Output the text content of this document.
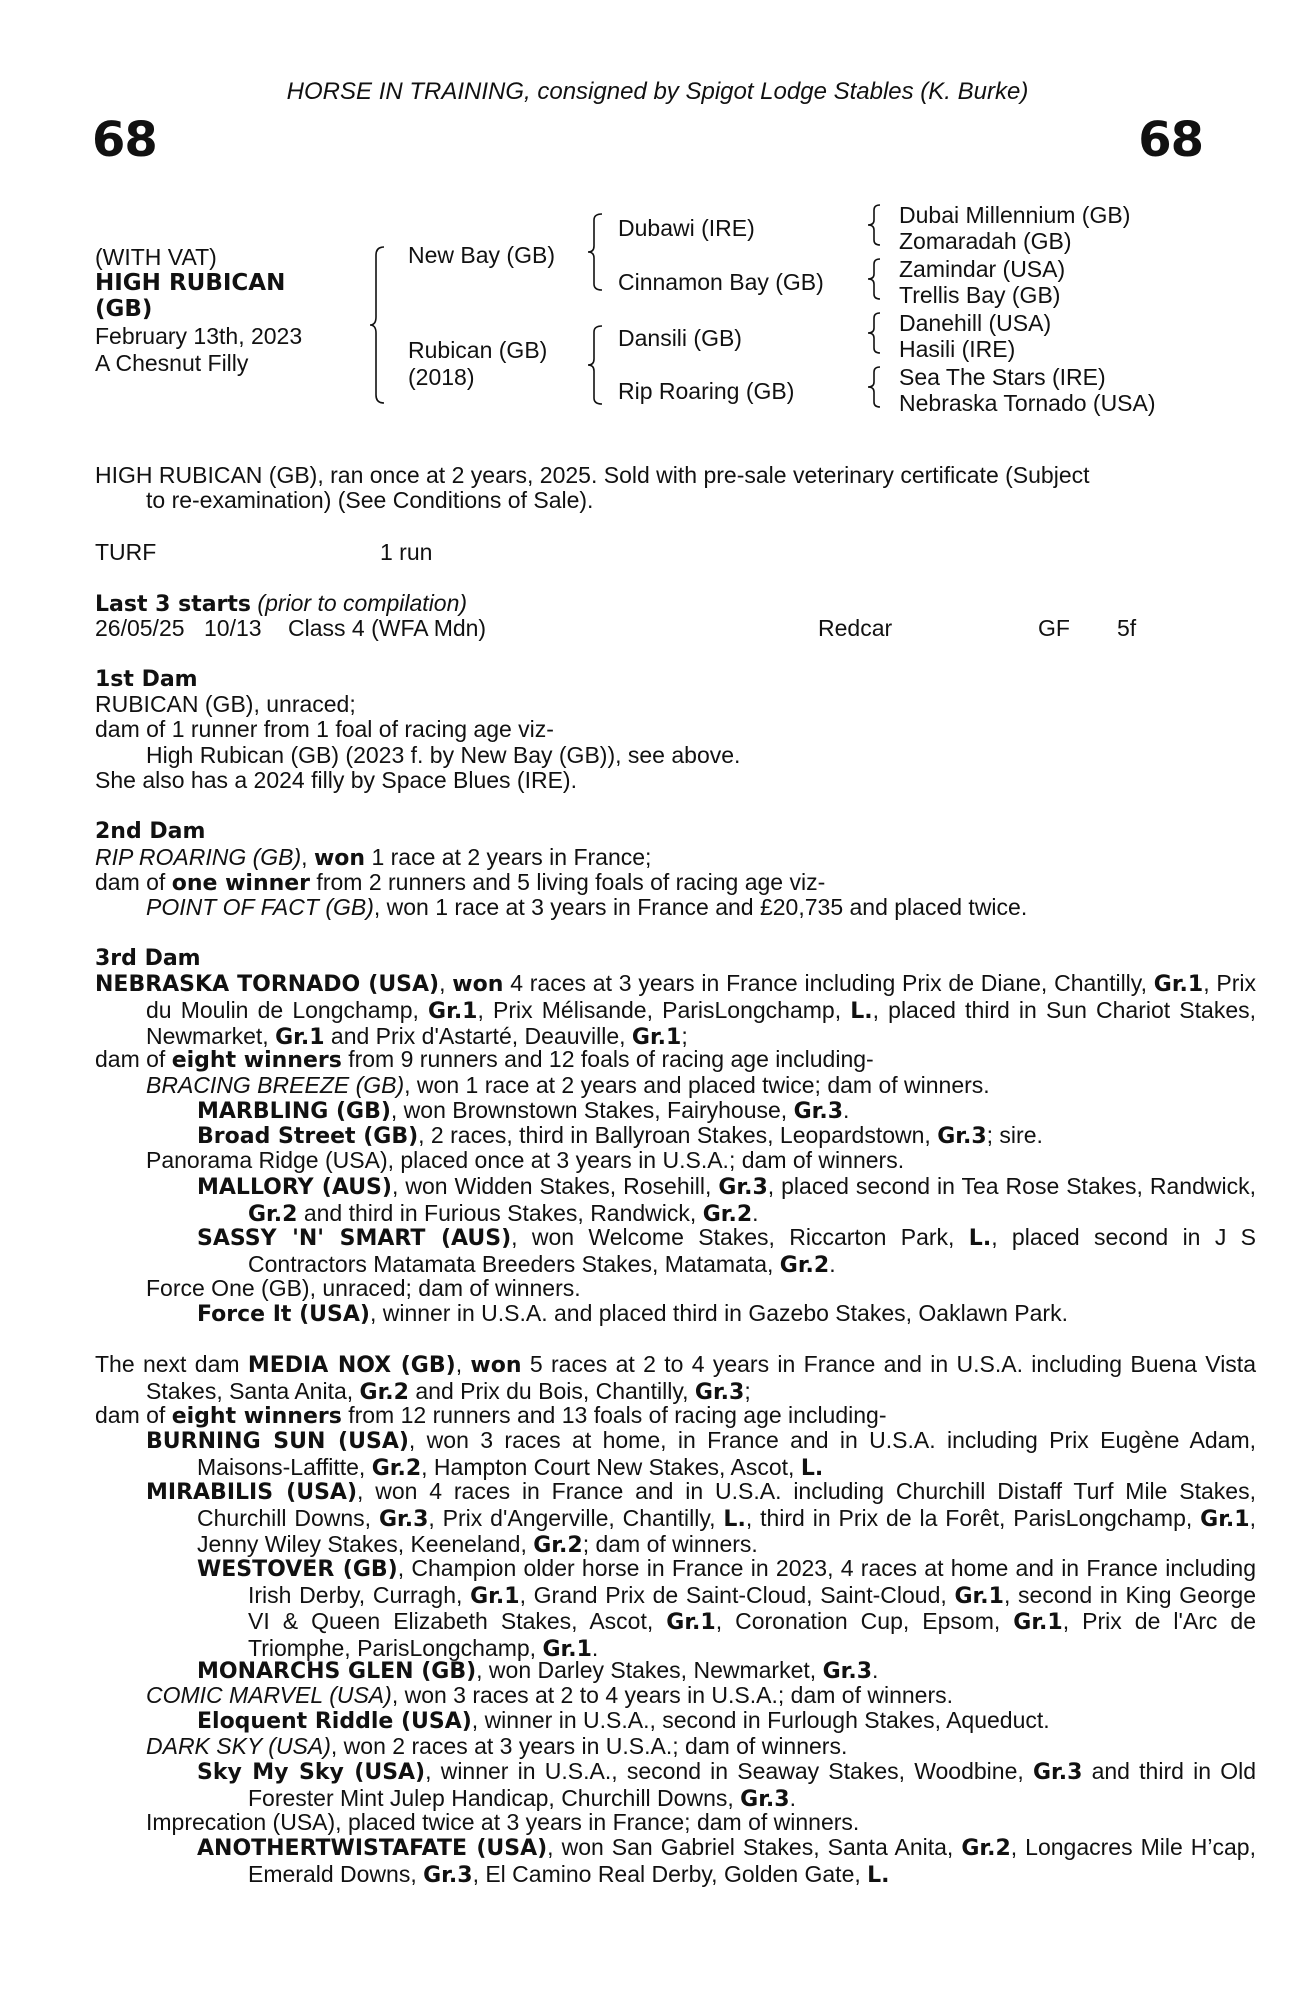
HORSE IN TRAINING, consigned by Spigot Lodge Stables (K. Burke)
68	68
(WITH VAT)
HIGH RUBICAN
(GB)
February 13th, 2023
A Chesnut Filly
New Bay (GB)
Rubican (GB)
(2018)
Dubawi (IRE)
Cinnamon Bay (GB)
Dansili (GB)
Rip Roaring (GB)
Dubai Millennium (GB)
Zomaradah (GB)
Zamindar (USA)
Trellis Bay (GB)
Danehill (USA)
Hasili (IRE)
Sea The Stars (IRE)
Nebraska Tornado (USA)
HIGH RUBICAN (GB), ran once at 2 years, 2025. Sold with pre-sale veterinary certificate (Subject
to re-examination) (See Conditions of Sale).
TURF	1 run
Last 3 starts (prior to compilation)
26/05/25 10/13 Class 4 (WFA Mdn)	Redcar	GF 5f
1st Dam
RUBICAN (GB), unraced;
dam of 1 runner from 1 foal of racing age viz-
High Rubican (GB) (2023 f. by New Bay (GB)), see above.
She also has a 2024 filly by Space Blues (IRE).
2nd Dam
RIP ROARING (GB), won 1 race at 2 years in France;
dam of one winner from 2 runners and 5 living foals of racing age viz-
POINT OF FACT (GB), won 1 race at 3 years in France and £20,735 and placed twice.
3rd Dam
NEBRASKA TORNADO (USA), won 4 races at 3 years in France including Prix de Diane, Chantilly, Gr.1, Prix du Moulin de Longchamp, Gr.1, Prix Mélisande, ParisLongchamp, L., placed third in Sun Chariot Stakes, Newmarket, Gr.1 and Prix d'Astarté, Deauville, Gr.1;
dam of eight winners from 9 runners and 12 foals of racing age including-
BRACING BREEZE (GB), won 1 race at 2 years and placed twice; dam of winners.
MARBLING (GB), won Brownstown Stakes, Fairyhouse, Gr.3.
Broad Street (GB), 2 races, third in Ballyroan Stakes, Leopardstown, Gr.3; sire.
Panorama Ridge (USA), placed once at 3 years in U.S.A.; dam of winners.
MALLORY (AUS), won Widden Stakes, Rosehill, Gr.3, placed second in Tea Rose Stakes, Randwick, Gr.2 and third in Furious Stakes, Randwick, Gr.2.
SASSY 'N' SMART (AUS), won Welcome Stakes, Riccarton Park, L., placed second in J S Contractors Matamata Breeders Stakes, Matamata, Gr.2.
Force One (GB), unraced; dam of winners.
Force It (USA), winner in U.S.A. and placed third in Gazebo Stakes, Oaklawn Park.
The next dam MEDIA NOX (GB), won 5 races at 2 to 4 years in France and in U.S.A. including Buena Vista Stakes, Santa Anita, Gr.2 and Prix du Bois, Chantilly, Gr.3;
dam of eight winners from 12 runners and 13 foals of racing age including-
BURNING SUN (USA), won 3 races at home, in France and in U.S.A. including Prix Eugène Adam, Maisons-Laffitte, Gr.2, Hampton Court New Stakes, Ascot, L.
MIRABILIS (USA), won 4 races in France and in U.S.A. including Churchill Distaff Turf Mile Stakes, Churchill Downs, Gr.3, Prix d'Angerville, Chantilly, L., third in Prix de la Forêt, ParisLongchamp, Gr.1, Jenny Wiley Stakes, Keeneland, Gr.2; dam of winners.
WESTOVER (GB), Champion older horse in France in 2023, 4 races at home and in France including Irish Derby, Curragh, Gr.1, Grand Prix de Saint-Cloud, Saint-Cloud, Gr.1, second in King George VI & Queen Elizabeth Stakes, Ascot, Gr.1, Coronation Cup, Epsom, Gr.1, Prix de l'Arc de Triomphe, ParisLongchamp, Gr.1.
MONARCHS GLEN (GB), won Darley Stakes, Newmarket, Gr.3.
COMIC MARVEL (USA), won 3 races at 2 to 4 years in U.S.A.; dam of winners.
Eloquent Riddle (USA), winner in U.S.A., second in Furlough Stakes, Aqueduct.
DARK SKY (USA), won 2 races at 3 years in U.S.A.; dam of winners.
Sky My Sky (USA), winner in U.S.A., second in Seaway Stakes, Woodbine, Gr.3 and third in Old Forester Mint Julep Handicap, Churchill Downs, Gr.3.
Imprecation (USA), placed twice at 3 years in France; dam of winners.
ANOTHERTWISTAFATE (USA), won San Gabriel Stakes, Santa Anita, Gr.2, Longacres Mile H’cap, Emerald Downs, Gr.3, El Camino Real Derby, Golden Gate, L.
